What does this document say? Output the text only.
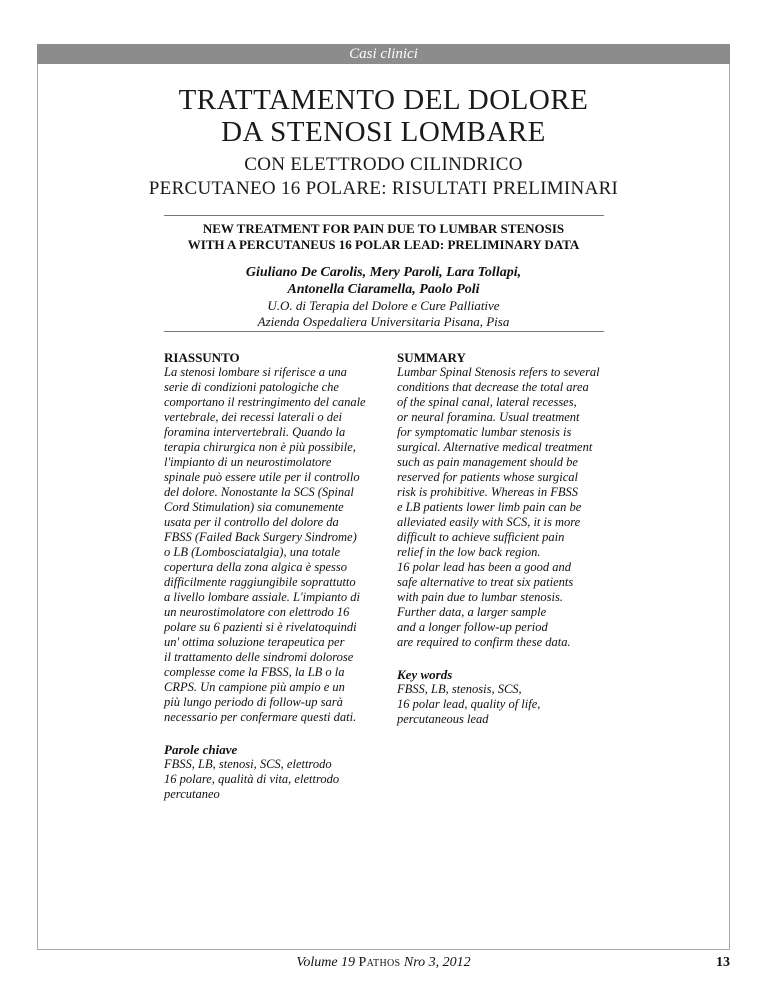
Casi clinici
TRATTAMENTO DEL DOLORE
DA STENOSI LOMBARE
CON ELETTRODO CILINDRICO
PERCUTANEO 16 POLARE: RISULTATI PRELIMINARI
NEW TREATMENT FOR PAIN DUE TO LUMBAR STENOSIS
WITH A PERCUTANEUS 16 POLAR LEAD: PRELIMINARY DATA
Giuliano De Carolis, Mery Paroli, Lara Tollapi,
Antonella Ciaramella, Paolo Poli
U.O. di Terapia del Dolore e Cure Palliative
Azienda Ospedaliera Universitaria Pisana, Pisa
RIASSUNTO
La stenosi lombare si riferisce a una
serie di condizioni patologiche che
comportano il restringimento del canale
vertebrale, dei recessi laterali o dei
foramina intervertebrali. Quando la
terapia chirurgica non è più possibile,
l'impianto di un neurostimolatore
spinale può essere utile per il controllo
del dolore. Nonostante la SCS (Spinal
Cord Stimulation) sia comunemente
usata per il controllo del dolore da
FBSS (Failed Back Surgery Sindrome)
o LB (Lombosciatalgia), una totale
copertura della zona algica è spesso
difficilmente raggiungibile soprattutto
a livello lombare assiale. L'impianto di
un neurostimolatore con elettrodo 16
polare su 6 pazienti si è rivelatoquindi
un' ottima soluzione terapeutica per
il trattamento delle sindromi dolorose
complesse come la FBSS, la LB o la
CRPS. Un campione più ampio e un
più lungo periodo di follow-up sarà
necessario per confermare questi dati.
Parole chiave
FBSS, LB, stenosi, SCS, elettrodo
16 polare, qualità di vita, elettrodo
percutaneo
SUMMARY
Lumbar Spinal Stenosis refers to several
conditions that decrease the total area
of the spinal canal, lateral recesses,
or neural foramina. Usual treatment
for symptomatic lumbar stenosis is
surgical. Alternative medical treatment
such as pain management should be
reserved for patients whose surgical
risk is prohibitive. Whereas in FBSS
e LB patients lower limb pain can be
alleviated easily with SCS, it is more
difficult to achieve sufficient pain
relief in the low back region.
16 polar lead has been a good and
safe alternative to treat six patients
with pain due to lumbar stenosis.
Further data, a larger sample
and a longer follow-up period
are required to confirm these data.
Key words
FBSS, LB, stenosis, SCS,
16 polar lead, quality of life,
percutaneous lead
Volume 19 Pathos Nro 3, 2012	13
